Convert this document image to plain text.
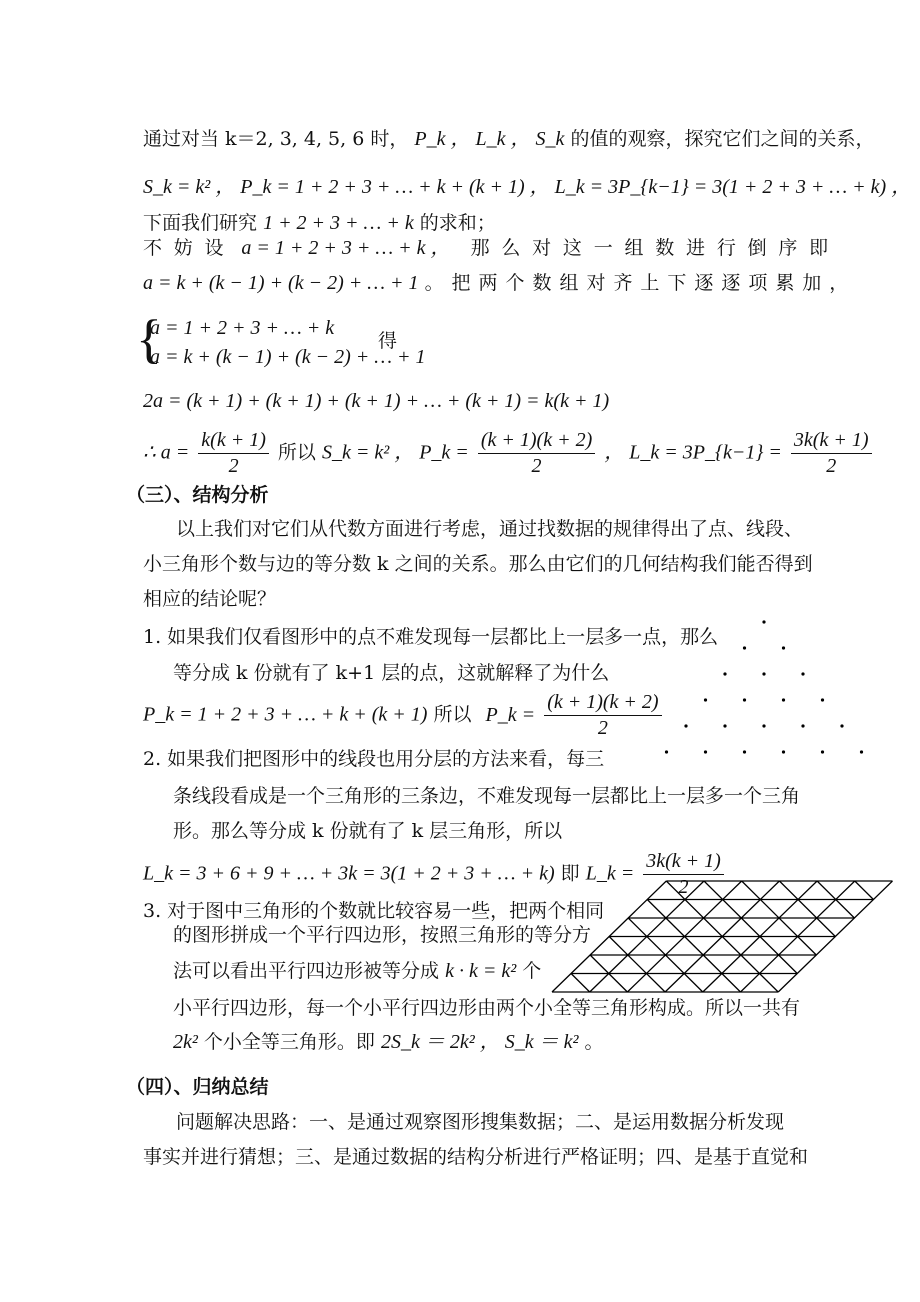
通过对当 k＝2, 3, 4, 5, 6 时， P_k ， L_k ， S_k 的值的观察，探究它们之间的关系，
S_k = k² ， P_k = 1 + 2 + 3 + … + k + (k + 1) ， L_k = 3P_{k−1} = 3(1 + 2 + 3 + … + k) ，
下面我们研究 1 + 2 + 3 + … + k 的求和；
不妨设 a = 1 + 2 + 3 + … + k ， 那么对这一组数进行倒序即
a = k + (k − 1) + (k − 2) + … + 1 。把两个数组对齐上下逐逐项累加，
{
a = 1 + 2 + 3 + … + k
a = k + (k − 1) + (k − 2) + … + 1
得
2a = (k + 1) + (k + 1) + (k + 1) + … + (k + 1) = k(k + 1)
∴ $a = \frac{k(k + 1)}{2}$ 所以 S_k = k² ， P_k = $\frac{(k + 1)(k + 2)}{2}$ ， L_k = 3P_{k−1} = $\frac{3k(k + 1)}{2}$
（三）、结构分析
以上我们对它们从代数方面进行考虑，通过找数据的规律得出了点、线段、
小三角形个数与边的等分数 k 之间的关系。那么由它们的几何结构我们能否得到
相应的结论呢？
1. 如果我们仅看图形中的点不难发现每一层都比上一层多一点，那么
等分成 k 份就有了 k+1 层的点，这就解释了为什么
P_k = 1 + 2 + 3 + … + k + (k + 1) 所以 P_k = $\frac{(k + 1)(k + 2)}{2}$
2. 如果我们把图形中的线段也用分层的方法来看，每三
条线段看成是一个三角形的三条边，不难发现每一层都比上一层多一个三角
形。那么等分成 k 份就有了 k 层三角形，所以
L_k = 3 + 6 + 9 + … + 3k = 3(1 + 2 + 3 + … + k) 即 L_k = $\frac{3k(k + 1)}{2}$
3. 对于图中三角形的个数就比较容易一些，把两个相同
的图形拼成一个平行四边形，按照三角形的等分方
法可以看出平行四边形被等分成 k · k = k² 个
小平行四边形，每一个小平行四边形由两个小全等三角形构成。所以一共有
2k² 个小全等三角形。即 2S_k ＝ 2k² ， S_k ＝ k² 。
（四）、归纳总结
问题解决思路：一、是通过观察图形搜集数据；二、是运用数据分析发现
事实并进行猜想；三、是通过数据的结构分析进行严格证明；四、是基于直觉和
